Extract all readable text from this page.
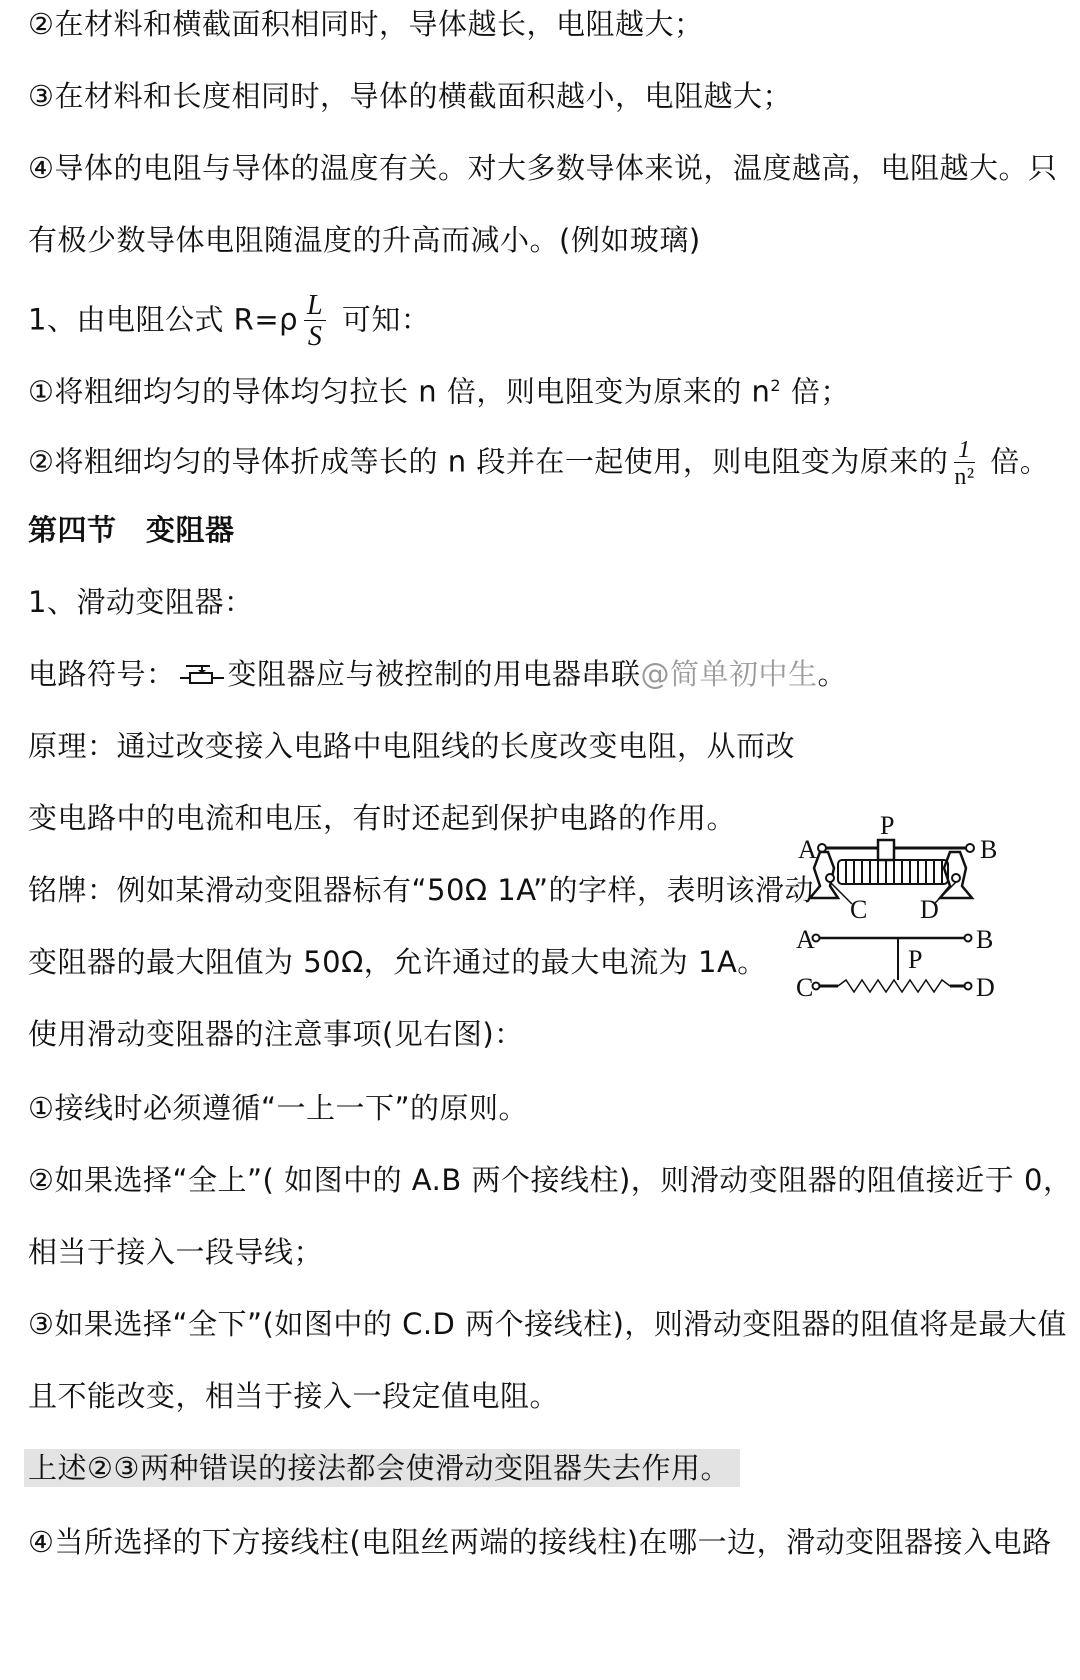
②在材料和横截面积相同时，导体越长，电阻越大；
③在材料和长度相同时，导体的横截面积越小，电阻越大；
④导体的电阻与导体的温度有关。对大多数导体来说，温度越高，电阻越大。只
有极少数导体电阻随温度的升高而减小。(例如玻璃)
1、由电阻公式 $R=\rho \frac{L}{S}$ 可知：
①将粗细均匀的导体均匀拉长 n 倍，则电阻变为原来的 $n^2$ 倍；
②将粗细均匀的导体折成等长的 n 段并在一起使用，则电阻变为原来的 $\frac{1}{\text{n²}}$ 倍。
第四节　变阻器
1、滑动变阻器：
电路符号： 变阻器应与被控制的用电器串联@简单初中生。
原理：通过改变接入电路中电阻线的长度改变电阻，从而改
变电路中的电流和电压，有时还起到保护电路的作用。
铭牌：例如某滑动变阻器标有“50Ω 1A”的字样，表明该滑动
变阻器的最大阻值为 50Ω，允许通过的最大电流为 1A。
使用滑动变阻器的注意事项(见右图)：
①接线时必须遵循“一上一下”的原则。
②如果选择“全上”( 如图中的 A.B 两个接线柱)，则滑动变阻器的阻值接近于 0，
相当于接入一段导线；
③如果选择“全下”(如图中的 C.D 两个接线柱)，则滑动变阻器的阻值将是最大值
且不能改变，相当于接入一段定值电阻。
上述②③两种错误的接法都会使滑动变阻器失去作用。
④当所选择的下方接线柱(电阻丝两端的接线柱)在哪一边，滑动变阻器接入电路
A	B
C D
P
A	B
C	D
P
